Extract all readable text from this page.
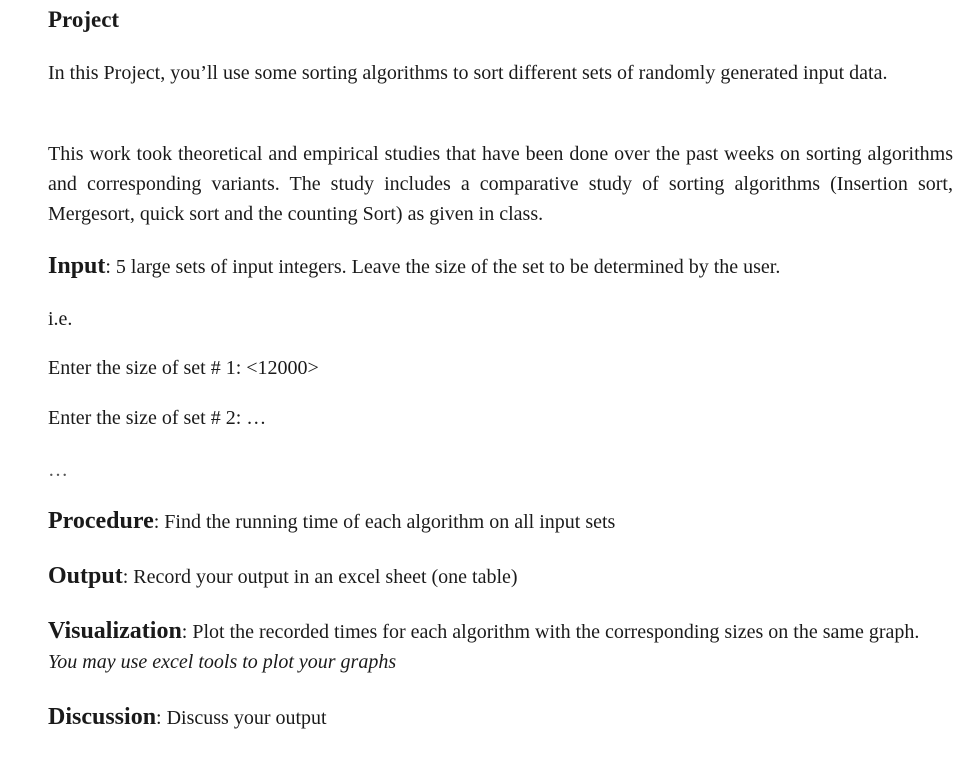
Project
In this Project, you’ll use some sorting algorithms to sort different sets of randomly generated input data.
This work took theoretical and empirical studies that have been done over the past weeks on sorting algorithms and corresponding variants. The study includes a comparative study of sorting algorithms (Insertion sort, Mergesort, quick sort and the counting Sort) as given in class.
Input: 5 large sets of input integers. Leave the size of the set to be determined by the user.
i.e.
Enter the size of set # 1: <12000>
Enter the size of set # 2: …
…
Procedure: Find the running time of each algorithm on all input sets
Output: Record your output in an excel sheet (one table)
Visualization: Plot the recorded times for each algorithm with the corresponding sizes on the same graph. You may use excel tools to plot your graphs
Discussion: Discuss your output
